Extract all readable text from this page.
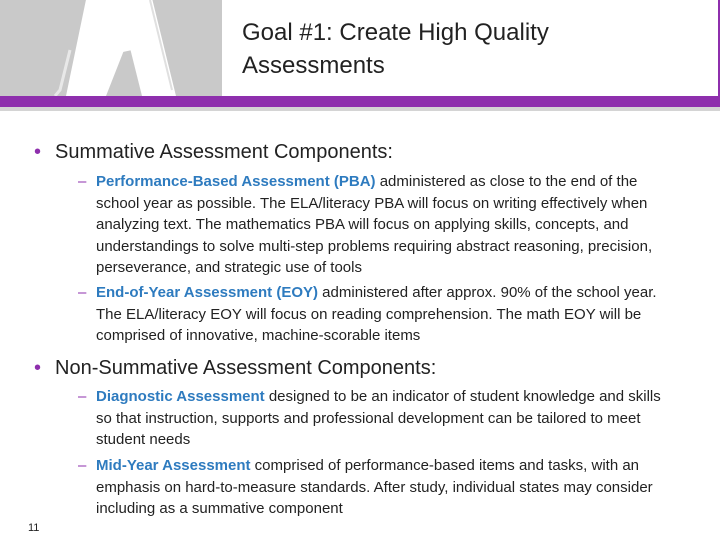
Goal #1: Create High Quality
Assessments
• Summative Assessment Components:
– Performance-Based Assessment (PBA) administered as close to the end of the school year as possible. The ELA/literacy PBA will focus on writing effectively when analyzing text. The mathematics PBA will focus on applying skills, concepts, and understandings to solve multi-step problems requiring abstract reasoning, precision, perseverance, and strategic use of tools
– End-of-Year Assessment (EOY) administered after approx. 90% of the school year. The ELA/literacy EOY will focus on reading comprehension. The math EOY will be comprised of innovative, machine-scorable items
• Non-Summative Assessment Components:
– Diagnostic Assessment designed to be an indicator of student knowledge and skills so that instruction, supports and professional development can be tailored to meet student needs
– Mid-Year Assessment comprised of performance-based items and tasks, with an emphasis on hard-to-measure standards. After study, individual states may consider including as a summative component
11
